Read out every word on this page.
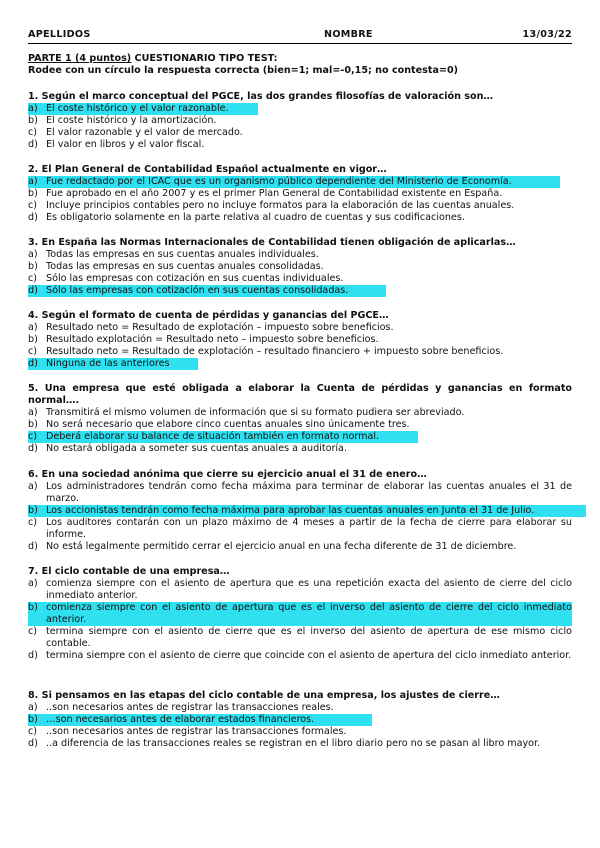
APELLIDOS	NOMBRE	13/03/22
PARTE 1 (4 puntos) CUESTIONARIO TIPO TEST:
Rodee con un círculo la respuesta correcta (bien=1; mal=-0,15; no contesta=0)
1. Según el marco conceptual del PGCE, las dos grandes filosofías de valoración son…
a) El coste histórico y el valor razonable.
b) El coste histórico y la amortización.
c) El valor razonable y el valor de mercado.
d) El valor en libros y el valor fiscal.
2. El Plan General de Contabilidad Español actualmente en vigor…
a) Fue redactado por el ICAC que es un organismo público dependiente del Ministerio de Economía.
b) Fue aprobado en el año 2007 y es el primer Plan General de Contabilidad existente en España.
c) Incluye principios contables pero no incluye formatos para la elaboración de las cuentas anuales.
d) Es obligatorio solamente en la parte relativa al cuadro de cuentas y sus codificaciones.
3. En España las Normas Internacionales de Contabilidad tienen obligación de aplicarlas…
a) Todas las empresas en sus cuentas anuales individuales.
b) Todas las empresas en sus cuentas anuales consolidadas.
c) Sólo las empresas con cotización en sus cuentas individuales.
d) Sólo las empresas con cotización en sus cuentas consolidadas.
4. Según el formato de cuenta de pérdidas y ganancias del PGCE…
a) Resultado neto = Resultado de explotación – impuesto sobre beneficios.
b) Resultado explotación = Resultado neto – impuesto sobre beneficios.
c) Resultado neto = Resultado de explotación – resultado financiero + impuesto sobre beneficios.
d) Ninguna de las anteriores
5. Una empresa que esté obligada a elaborar la Cuenta de pérdidas y ganancias en formato normal….
a) Transmitirá el mismo volumen de información que si su formato pudiera ser abreviado.
b) No será necesario que elabore cinco cuentas anuales sino únicamente tres.
c) Deberá elaborar su balance de situación también en formato normal.
d) No estará obligada a someter sus cuentas anuales a auditoría.
6. En una sociedad anónima que cierre su ejercicio anual el 31 de enero…
a) Los administradores tendrán como fecha máxima para terminar de elaborar las cuentas anuales el 31 de marzo.
b) Los accionistas tendrán como fecha máxima para aprobar las cuentas anuales en Junta el 31 de Julio.
c) Los auditores contarán con un plazo máximo de 4 meses a partir de la fecha de cierre para elaborar su informe.
d) No está legalmente permitido cerrar el ejercicio anual en una fecha diferente de 31 de diciembre.
7. El ciclo contable de una empresa…
a) comienza siempre con el asiento de apertura que es una repetición exacta del asiento de cierre del ciclo inmediato anterior.
b) comienza siempre con el asiento de apertura que es el inverso del asiento de cierre del ciclo inmediato anterior.
c) termina siempre con el asiento de cierre que es el inverso del asiento de apertura de ese mismo ciclo contable.
d) termina siempre con el asiento de cierre que coincide con el asiento de apertura del ciclo inmediato anterior.
8. Si pensamos en las etapas del ciclo contable de una empresa, los ajustes de cierre…
a) ..son necesarios antes de registrar las transacciones reales.
b) …son necesarios antes de elaborar estados financieros.
c) ..son necesarios antes de registrar las transacciones formales.
d) ..a diferencia de las transacciones reales se registran en el libro diario pero no se pasan al libro mayor.
